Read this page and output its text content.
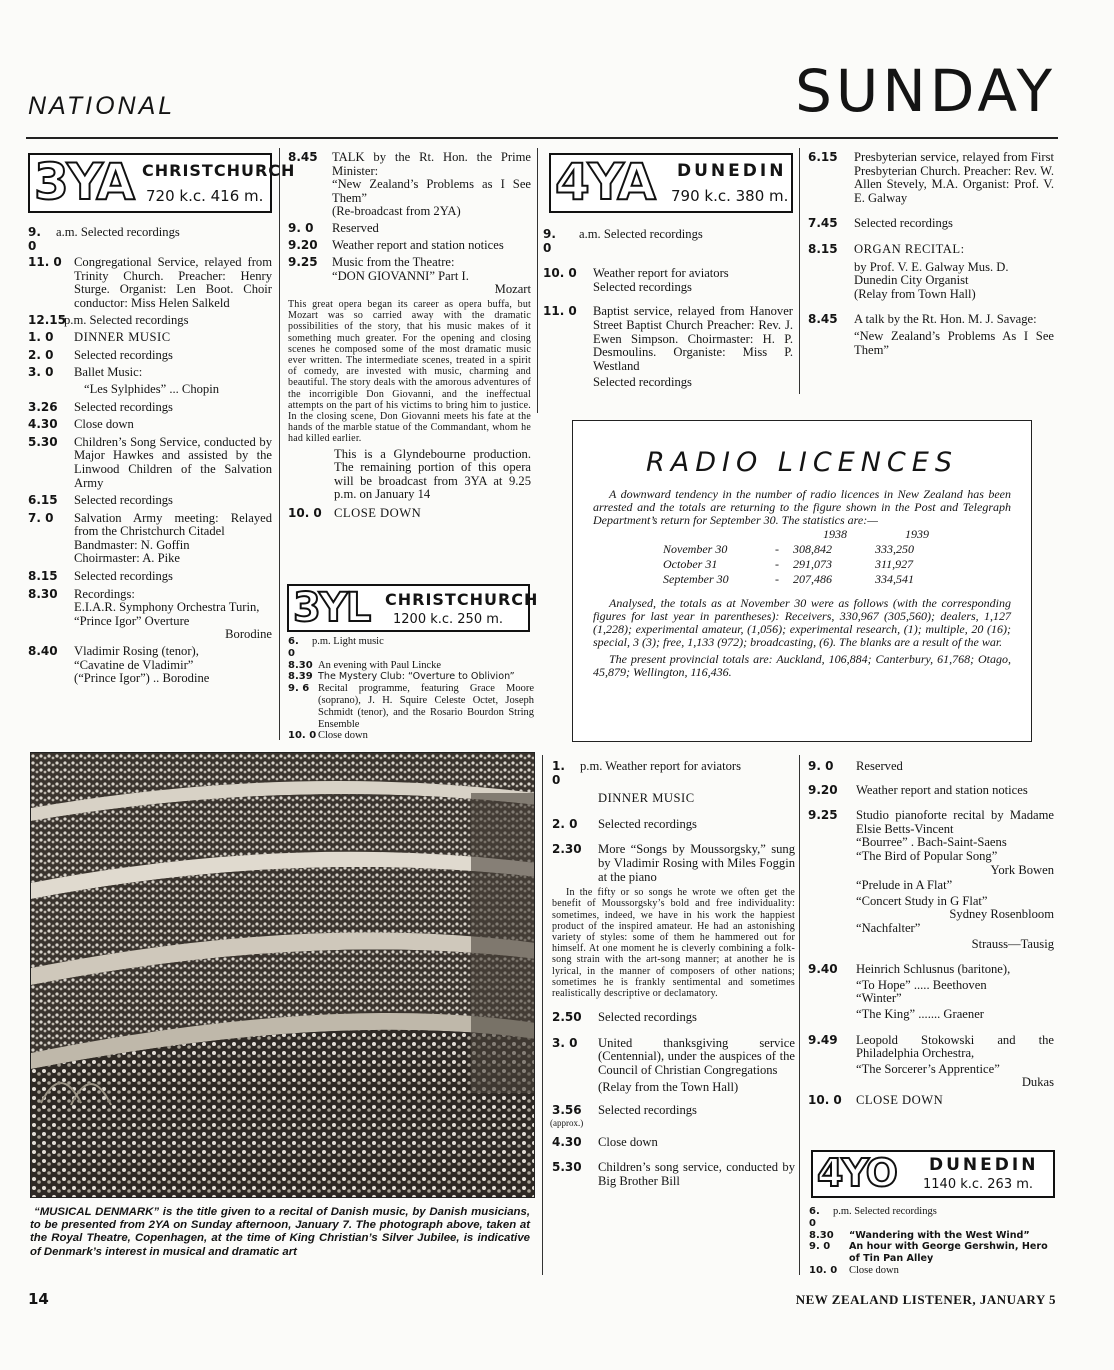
NATIONAL	SUNDAY
3YA CHRISTCHURCH
720 k.c. 416 m.
9. 0
a.m. Selected recordings
11. 0 Congregational Service, relayed from Trinity Church. Preacher: Henry Sturge. Organist: Len Boot. Choir conductor: Miss Helen Salkeld
12.15
p.m. Selected recordings
1. 0	DINNER MUSIC
2. 0	Selected recordings
3. 0	Ballet Music:
“Les Sylphides” ... Chopin
3.26	Selected recordings
4.30	Close down
5.30	Children’s Song Service, conducted by Major Hawkes and assisted by the Linwood Children of the Salvation Army
6.15	Selected recordings
7. 0	Salvation Army meeting: Relayed from the Christchurch Citadel
Bandmaster: N. Goffin
Choirmaster: A. Pike
8.15	Selected recordings
8.30	Recordings:
E.I.A.R. Symphony Orchestra Turin,
“Prince Igor” Overture
Borodine
8.40	Vladimir Rosing (tenor),
“Cavatine de Vladimir”
(“Prince Igor”) .. Borodine
8.45	TALK by the Rt. Hon. the Prime Minister:
“New Zealand’s Problems as I See Them”
(Re-broadcast from 2YA)
9. 0	Reserved
9.20	Weather report and station notices
9.25	Music from the Theatre:
“DON GIOVANNI” Part I.
Mozart
This great opera began its career as opera buffa, but Mozart was so carried away with the dramatic possibilities of the story, that his music makes of it something much greater. For the opening and closing scenes he composed some of the most dramatic music ever written. The intermediate scenes, treated in a spirit of comedy, are invested with music, charming and beautiful. The story deals with the amorous adventures of the incorrigible Don Giovanni, and the ineffectual attempts on the part of his victims to bring him to justice. In the closing scene, Don Giovanni meets his fate at the hands of the marble statue of the Commandant, whom he had killed earlier.
This is a Glyndebourne production. The remaining portion of this opera will be broadcast from 3YA at 9.25 p.m. on January 14
10. 0 CLOSE DOWN
3YL CHRISTCHURCH
1200 k.c. 250 m.
6. 0
p.m. Light music
8.30 An evening with Paul Lincke
8.39 The Mystery Club: “Overture to Oblivion”
9. 6 Recital programme, featuring Grace Moore (soprano), J. H. Squire Celeste Octet, Joseph Schmidt (tenor), and the Rosario Bourdon String Ensemble
10. 0 Close down
4YA DUNEDIN
790 k.c. 380 m.
9. 0
a.m. Selected recordings
10. 0	Weather report for aviators
Selected recordings
11. 0	Baptist service, relayed from Hanover Street Baptist Church Preacher: Rev. J. Ewen Simpson. Choirmaster: H. P. Desmoulins. Organiste: Miss P. Westland
Selected recordings
6.15	Presbyterian service, relayed from First Presbyterian Church. Preacher: Rev. W. Allen Stevely, M.A. Organist: Prof. V. E. Galway
7.45	Selected recordings
8.15	ORGAN RECITAL:
by Prof. V. E. Galway Mus. D. Dunedin City Organist
(Relay from Town Hall)
8.45	A talk by the Rt. Hon. M. J. Savage:
“New Zealand’s Problems As I See Them”
RADIO LICENCES

A downward tendency in the number of radio licences in New Zealand has been arrested and the totals are returning to the figure shown in the Post and Telegraph Department’s return for September 30. The statistics are:—

1938	1939
November 30	-	308,842	333,250
October 31	-	291,073	311,927
September 30	-	207,486	334,541

Analysed, the totals as at November 30 were as follows (with the corresponding figures for last year in parentheses): Receivers, 330,967 (305,560); dealers, 1,127 (1,228); experimental amateur, (1,056); experimental research, (1); multiple, 20 (16); special, 3 (3); free, 1,133 (972); broadcasting, (6). The blanks are a result of the war.

The present provincial totals are: Auckland, 106,884; Canterbury, 61,768; Otago, 45,879; Wellington, 116,436.

“MUSICAL DENMARK” is the title given to a recital of Danish music, by Danish musicians, to be presented from 2YA on Sunday afternoon, January 7. The photograph above, taken at the Royal Theatre, Copenhagen, at the time of King Christian’s Silver Jubilee, is indicative of Denmark’s interest in musical and dramatic art
1. 0
p.m. Weather report for aviators
DINNER MUSIC
2. 0	Selected recordings
2.30	More “Songs by Moussorgsky,” sung by Vladimir Rosing with Miles Foggin at the piano
In the fifty or so songs he wrote we often get the benefit of Moussorgsky’s bold and free individuality: sometimes, indeed, we have in his work the happiest product of the inspired amateur. He had an astonishing variety of styles: some of them he hammered out for himself. At one moment he is cleverly combining a folk-song strain with the art-song manner; at another he is lyrical, in the manner of composers of other nations; sometimes he is frankly sentimental and sometimes realistically descriptive or declamatory.
2.50	Selected recordings
3. 0	United thanksgiving service (Centennial), under the auspices of the Council of Christian Congregations
(Relay from the Town Hall)
3.56	Selected recordings
(approx.)
4.30	Close down
5.30	Children’s song service, conducted by Big Brother Bill
9. 0	Reserved
9.20	Weather report and station notices
9.25	Studio pianoforte recital by Madame Elsie Betts-Vincent
“Bourree” . Bach-Saint-Saens
“The Bird of Popular Song”
York Bowen
“Prelude in A Flat”
“Concert Study in G Flat”
Sydney Rosenbloom
“Nachfalter”
Strauss—Tausig
9.40	Heinrich Schlusnus (baritone),
“To Hope” ..... Beethoven
“Winter”
“The King” ....... Graener
9.49	Leopold Stokowski and the Philadelphia Orchestra,
“The Sorcerer’s Apprentice”
Dukas
10. 0	CLOSE DOWN
4YO DUNEDIN
1140 k.c. 263 m.
6. 0
p.m. Selected recordings
8.30	“Wandering with the West Wind”
9. 0	An hour with George Gershwin, Hero of Tin Pan Alley
10. 0	Close down
14	NEW ZEALAND LISTENER, JANUARY 5
